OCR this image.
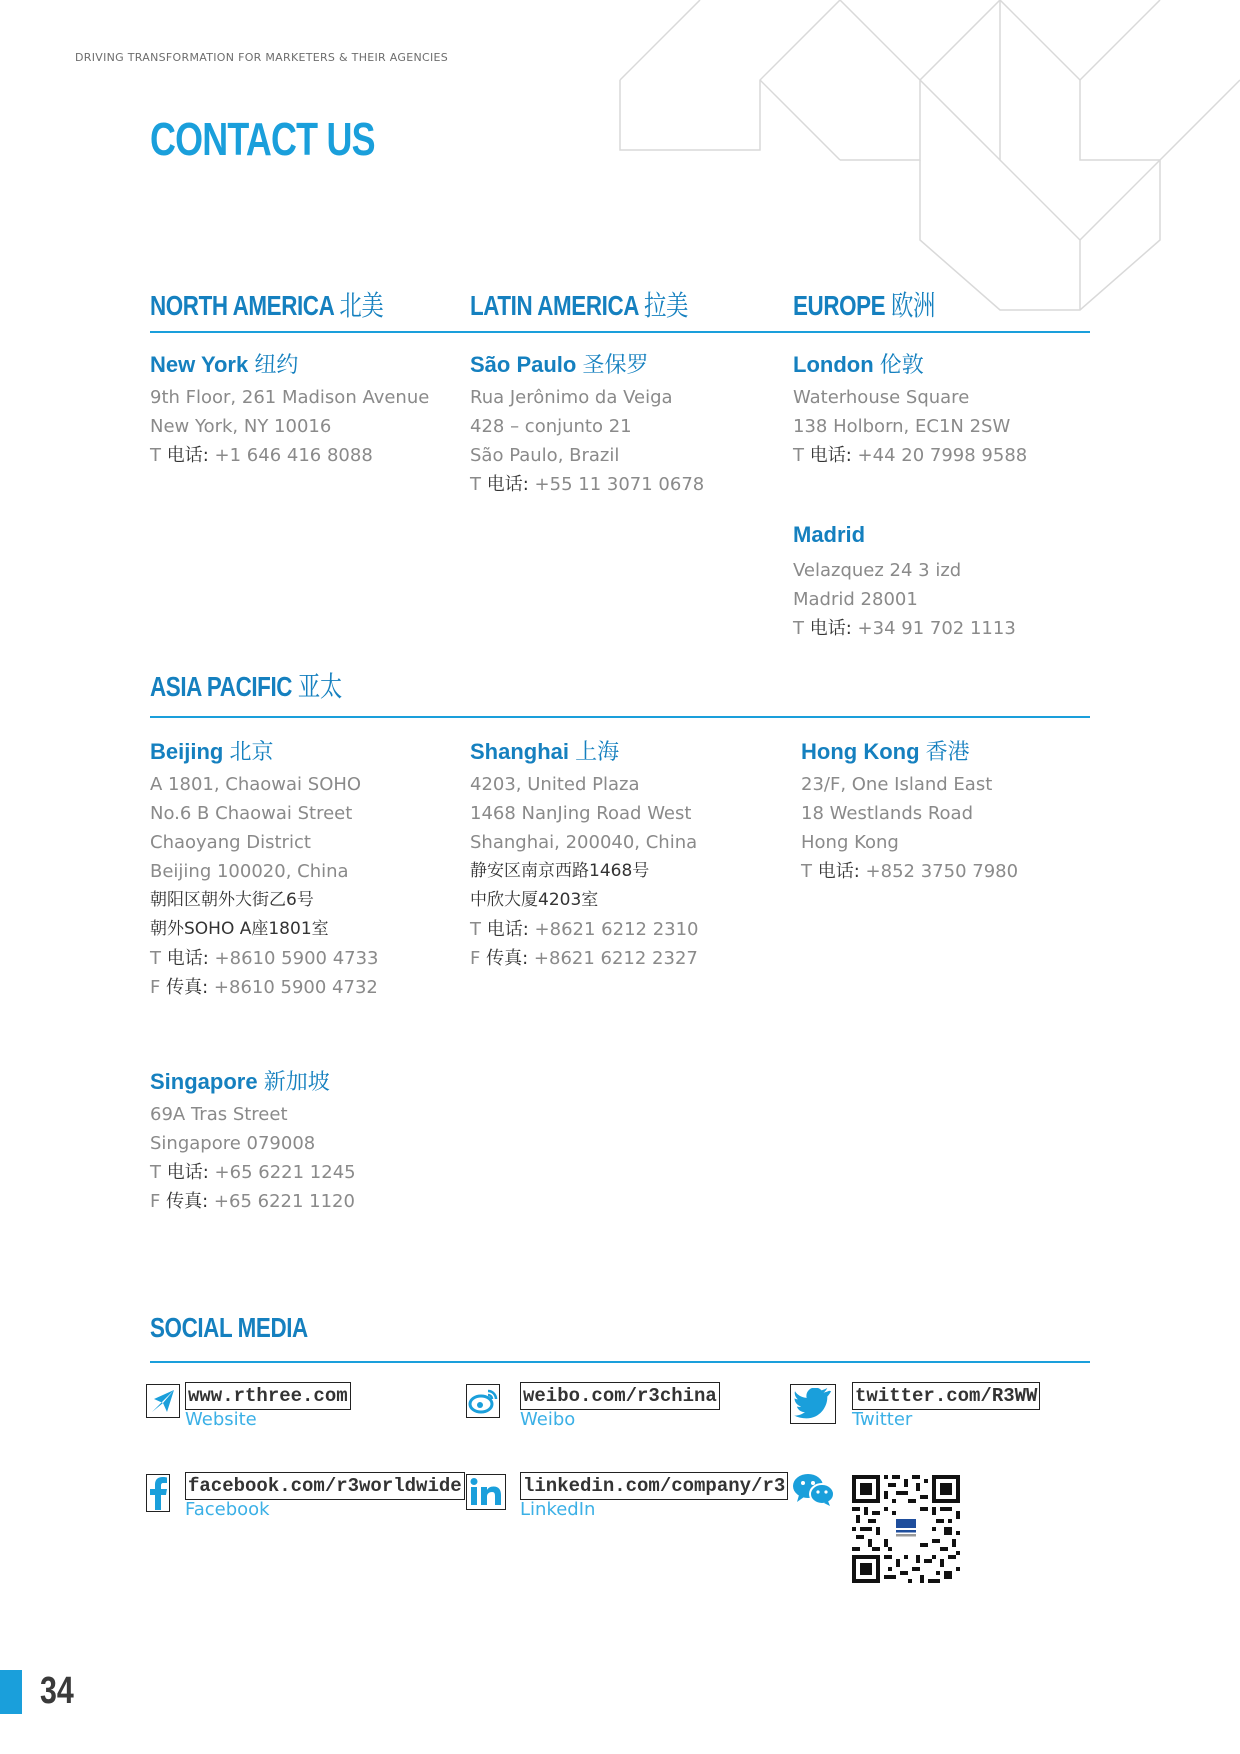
DRIVING TRANSFORMATION FOR MARKETERS & THEIR AGENCIES
CONTACT US
NORTH AMERICA 北美	LATIN AMERICA 拉美	EUROPE 欧洲
New York 纽约
9th Floor, 261 Madison Avenue
New York, NY 10016
T 电话: +1 646 416 8088
São Paulo 圣保罗
Rua Jerônimo da Veiga
428 – conjunto 21
São Paulo, Brazil
T 电话: +55 11 3071 0678
London 伦敦
Waterhouse Square
138 Holborn, EC1N 2SW
T 电话: +44 20 7998 9588
Madrid
Velazquez 24 3 izd
Madrid 28001
T 电话: +34 91 702 1113
ASIA PACIFIC 亚太
Beijing 北京
A 1801, Chaowai SOHO
No.6 B Chaowai Street
Chaoyang District
Beijing 100020, China
朝阳区朝外大街乙6号
朝外SOHO A座1801室
T 电话: +8610 5900 4733
F 传真: +8610 5900 4732
Shanghai 上海
4203, United Plaza
1468 NanJing Road West
Shanghai, 200040, China
静安区南京西路1468号
中欣大厦4203室
T 电话: +8621 6212 2310
F 传真: +8621 6212 2327
Hong Kong 香港
23/F, One Island East
18 Westlands Road
Hong Kong
T 电话: +852 3750 7980
Singapore 新加坡
69A Tras Street
Singapore 079008
T 电话: +65 6221 1245
F 传真: +65 6221 1120
SOCIAL MEDIA
www.rthree.com
Website
weibo.com/r3china
Weibo
twitter.com/R3WW
Twitter
facebook.com/r3worldwide
Facebook
linkedin.com/company/r3
LinkedIn
34
